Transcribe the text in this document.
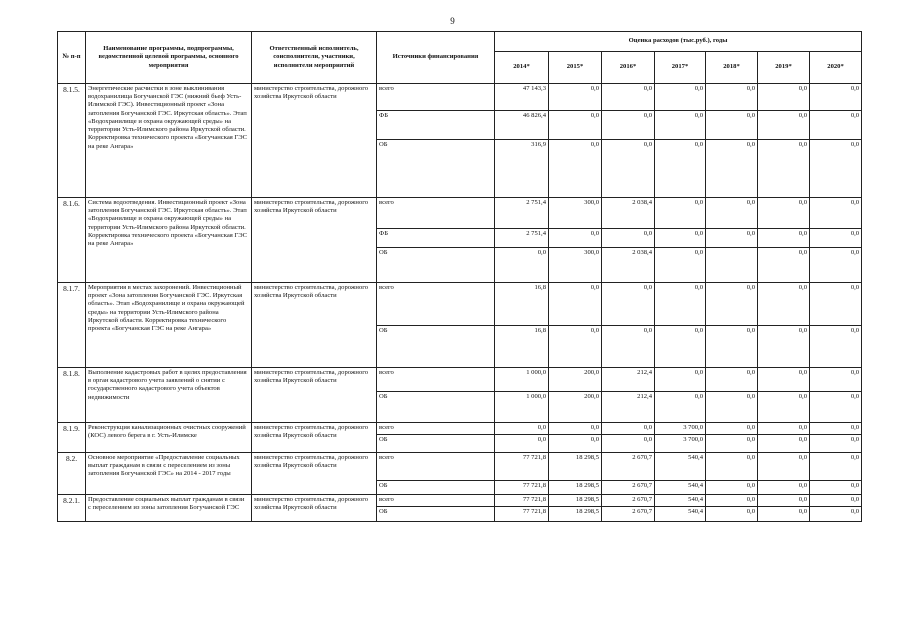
9
№ п-п	Наименование программы, подпрограммы, ведомственной целевой программы, основного мероприятия	Ответственный исполнитель, соисполнители, участники, исполнители мероприятий	Источники финансирования	Оценка расходов (тыс.руб.), годы						
				2014*	2015*	2016*	2017*	2018*	2019*	2020*
8.1.5.	Энергетические расчистки в зоне выклинивания водохранилища Богучанской ГЭС (нижний бьеф Усть-Илимской ГЭС). Инвестиционный проект «Зона затопления Богучанской ГЭС. Иркутская область». Этап «Водохранилище и охрана окружающей среды» на территории Усть-Илимского района Иркутской области. Корректировка технического проекта «Богучанская ГЭС на реке Ангара»	министерство строительства, дорожного хозяйства Иркутской области	всего	47 143,3	0,0	0,0	0,0	0,0	0,0	0,0
			ФБ	46 826,4	0,0	0,0	0,0	0,0	0,0	0,0
			ОБ	316,9	0,0	0,0	0,0	0,0	0,0	0,0
8.1.6.	Система водоотведения. Инвестиционный проект «Зона затопления Богучанской ГЭС. Иркутская область». Этап «Водохранилище и охрана окружающей среды» на территории Усть-Илимского района Иркутской области. Корректировка технического проекта «Богучанская ГЭС на реке Ангара»	министерство строительства, дорожного хозяйства Иркутской области	всего	2 751,4	300,0	2 038,4	0,0	0,0	0,0	0,0
			ФБ	2 751,4	0,0	0,0	0,0	0,0	0,0	0,0
			ОБ	0,0	300,0	2 038,4	0,0		0,0	0,0
8.1.7.	Мероприятия в местах захоронений. Инвестиционный проект «Зона затопления Богучанской ГЭС. Иркутская область». Этап «Водохранилище и охрана окружающей среды» на территории Усть-Илимского района Иркутской области. Корректировка технического проекта «Богучанская ГЭС на реке Ангара»	министерство строительства, дорожного хозяйства Иркутской области	всего	16,8	0,0	0,0	0,0	0,0	0,0	0,0
			ОБ	16,8	0,0	0,0	0,0	0,0	0,0	0,0
8.1.8.	Выполнение кадастровых работ в целях предоставления в орган кадастрового учета заявлений о снятии с государственного кадастрового учета объектов недвижимости	министерство строительства, дорожного хозяйства Иркутской области	всего	1 000,0	200,0	212,4	0,0	0,0	0,0	0,0
			ОБ	1 000,0	200,0	212,4	0,0	0,0	0,0	0,0
8.1.9.	Реконструкция канализационных очистных сооружений (КОС) левого берега в г. Усть-Илимске	министерство строительства, дорожного хозяйства Иркутской области	всего	0,0	0,0	0,0	3 700,0	0,0	0,0	0,0
			ОБ	0,0	0,0	0,0	3 700,0	0,0	0,0	0,0
8.2.	Основное мероприятие «Предоставление социальных выплат гражданам в связи с переселением из зоны затопления Богучанской ГЭС» на 2014 - 2017 годы	министерство строительства, дорожного хозяйства Иркутской области	всего	77 721,8	18 298,5	2 670,7	540,4	0,0	0,0	0,0
			ОБ	77 721,8	18 298,5	2 670,7	540,4	0,0	0,0	0,0
8.2.1.	Предоставление социальных выплат гражданам в связи с переселением из зоны затопления Богучанской ГЭС	министерство строительства, дорожного хозяйства Иркутской области	всего	77 721,8	18 298,5	2 670,7	540,4	0,0	0,0	0,0
			ОБ	77 721,8	18 298,5	2 670,7	540,4	0,0	0,0	0,0
